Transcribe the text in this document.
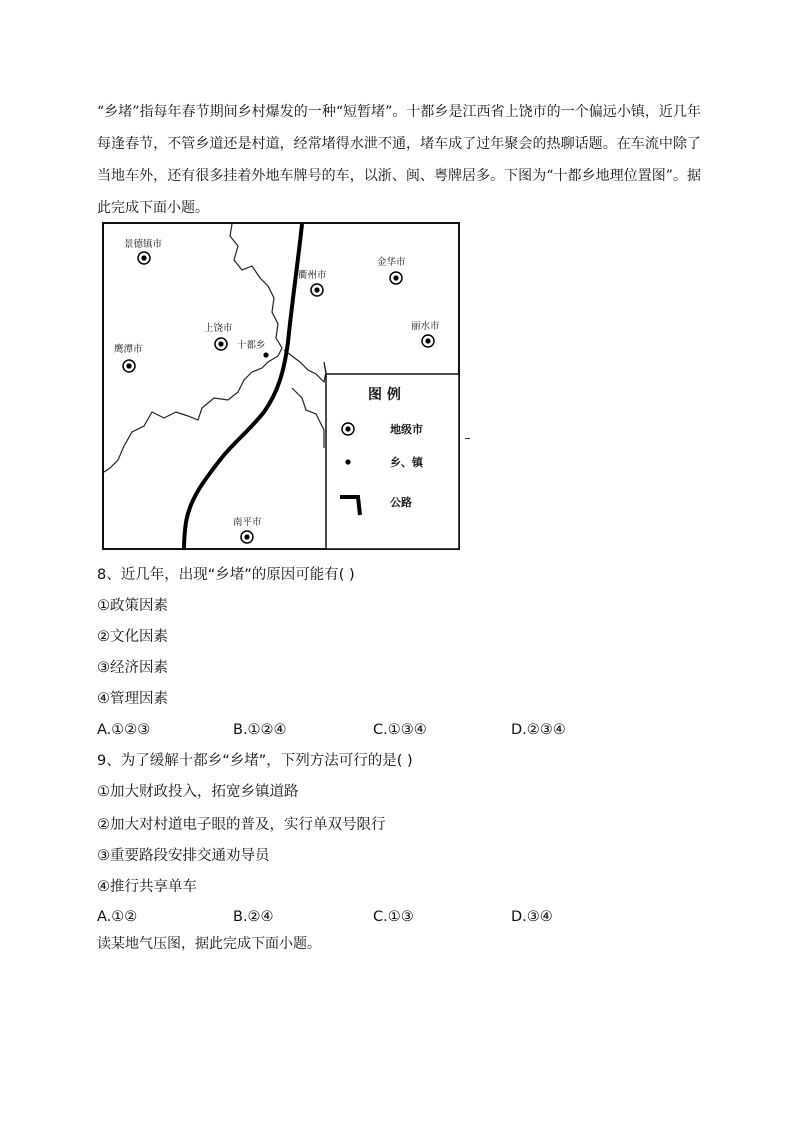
“乡堵”指每年春节期间乡村爆发的一种“短暂堵”。十都乡是江西省上饶市的一个偏远小镇，近几年每逢春节，不管乡道还是村道，经常堵得水泄不通，堵车成了过年聚会的热聊话题。在车流中除了当地车外，还有很多挂着外地车牌号的车，以浙、闽、粤牌居多。下图为“十都乡地理位置图”。据此完成下面小题。

景德镇市
衢州市
金华市
上饶市	丽水市
鹰潭市
南平市
十都乡
图 例
地级市
乡、镇
公路
8、近几年，出现“乡堵”的原因可能有( )
①政策因素
②文化因素
③经济因素
④管理因素
A.①②③	B.①②④	C.①③④	D.②③④
9、为了缓解十都乡“乡堵”，下列方法可行的是( )
①加大财政投入，拓宽乡镇道路
②加大对村道电子眼的普及，实行单双号限行
③重要路段安排交通劝导员
④推行共享单车
A.①②	B.②④	C.①③	D.③④

读某地气压图，据此完成下面小题。
